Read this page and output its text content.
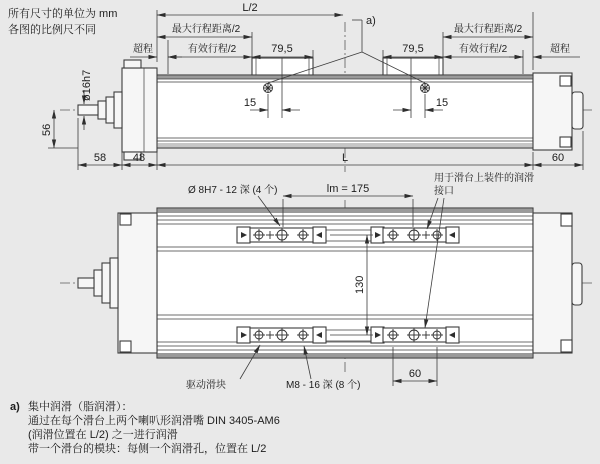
所有尺寸的单位为 mm
各图的比例尺不同
L/2
a)
最大行程距离/2	最大行程距离/2
有效行程/2	有效行程/2
超程	超程
79,5	79,5
15	15
ø16h7
56
58 48	L	60
lm = 175
Ø 8H7 - 12 深 (4 个)
用于滑台上装件的润滑
接口
130
60
驱动滑块	M8 - 16 深 (8 个)
a) 集中润滑（脂润滑）：
通过在每个滑台上两个喇叭形润滑嘴 DIN 3405-AM6
(润滑位置在 L/2) 之一进行润滑
带一个滑台的模块：每侧一个润滑孔，位置在 L/2
